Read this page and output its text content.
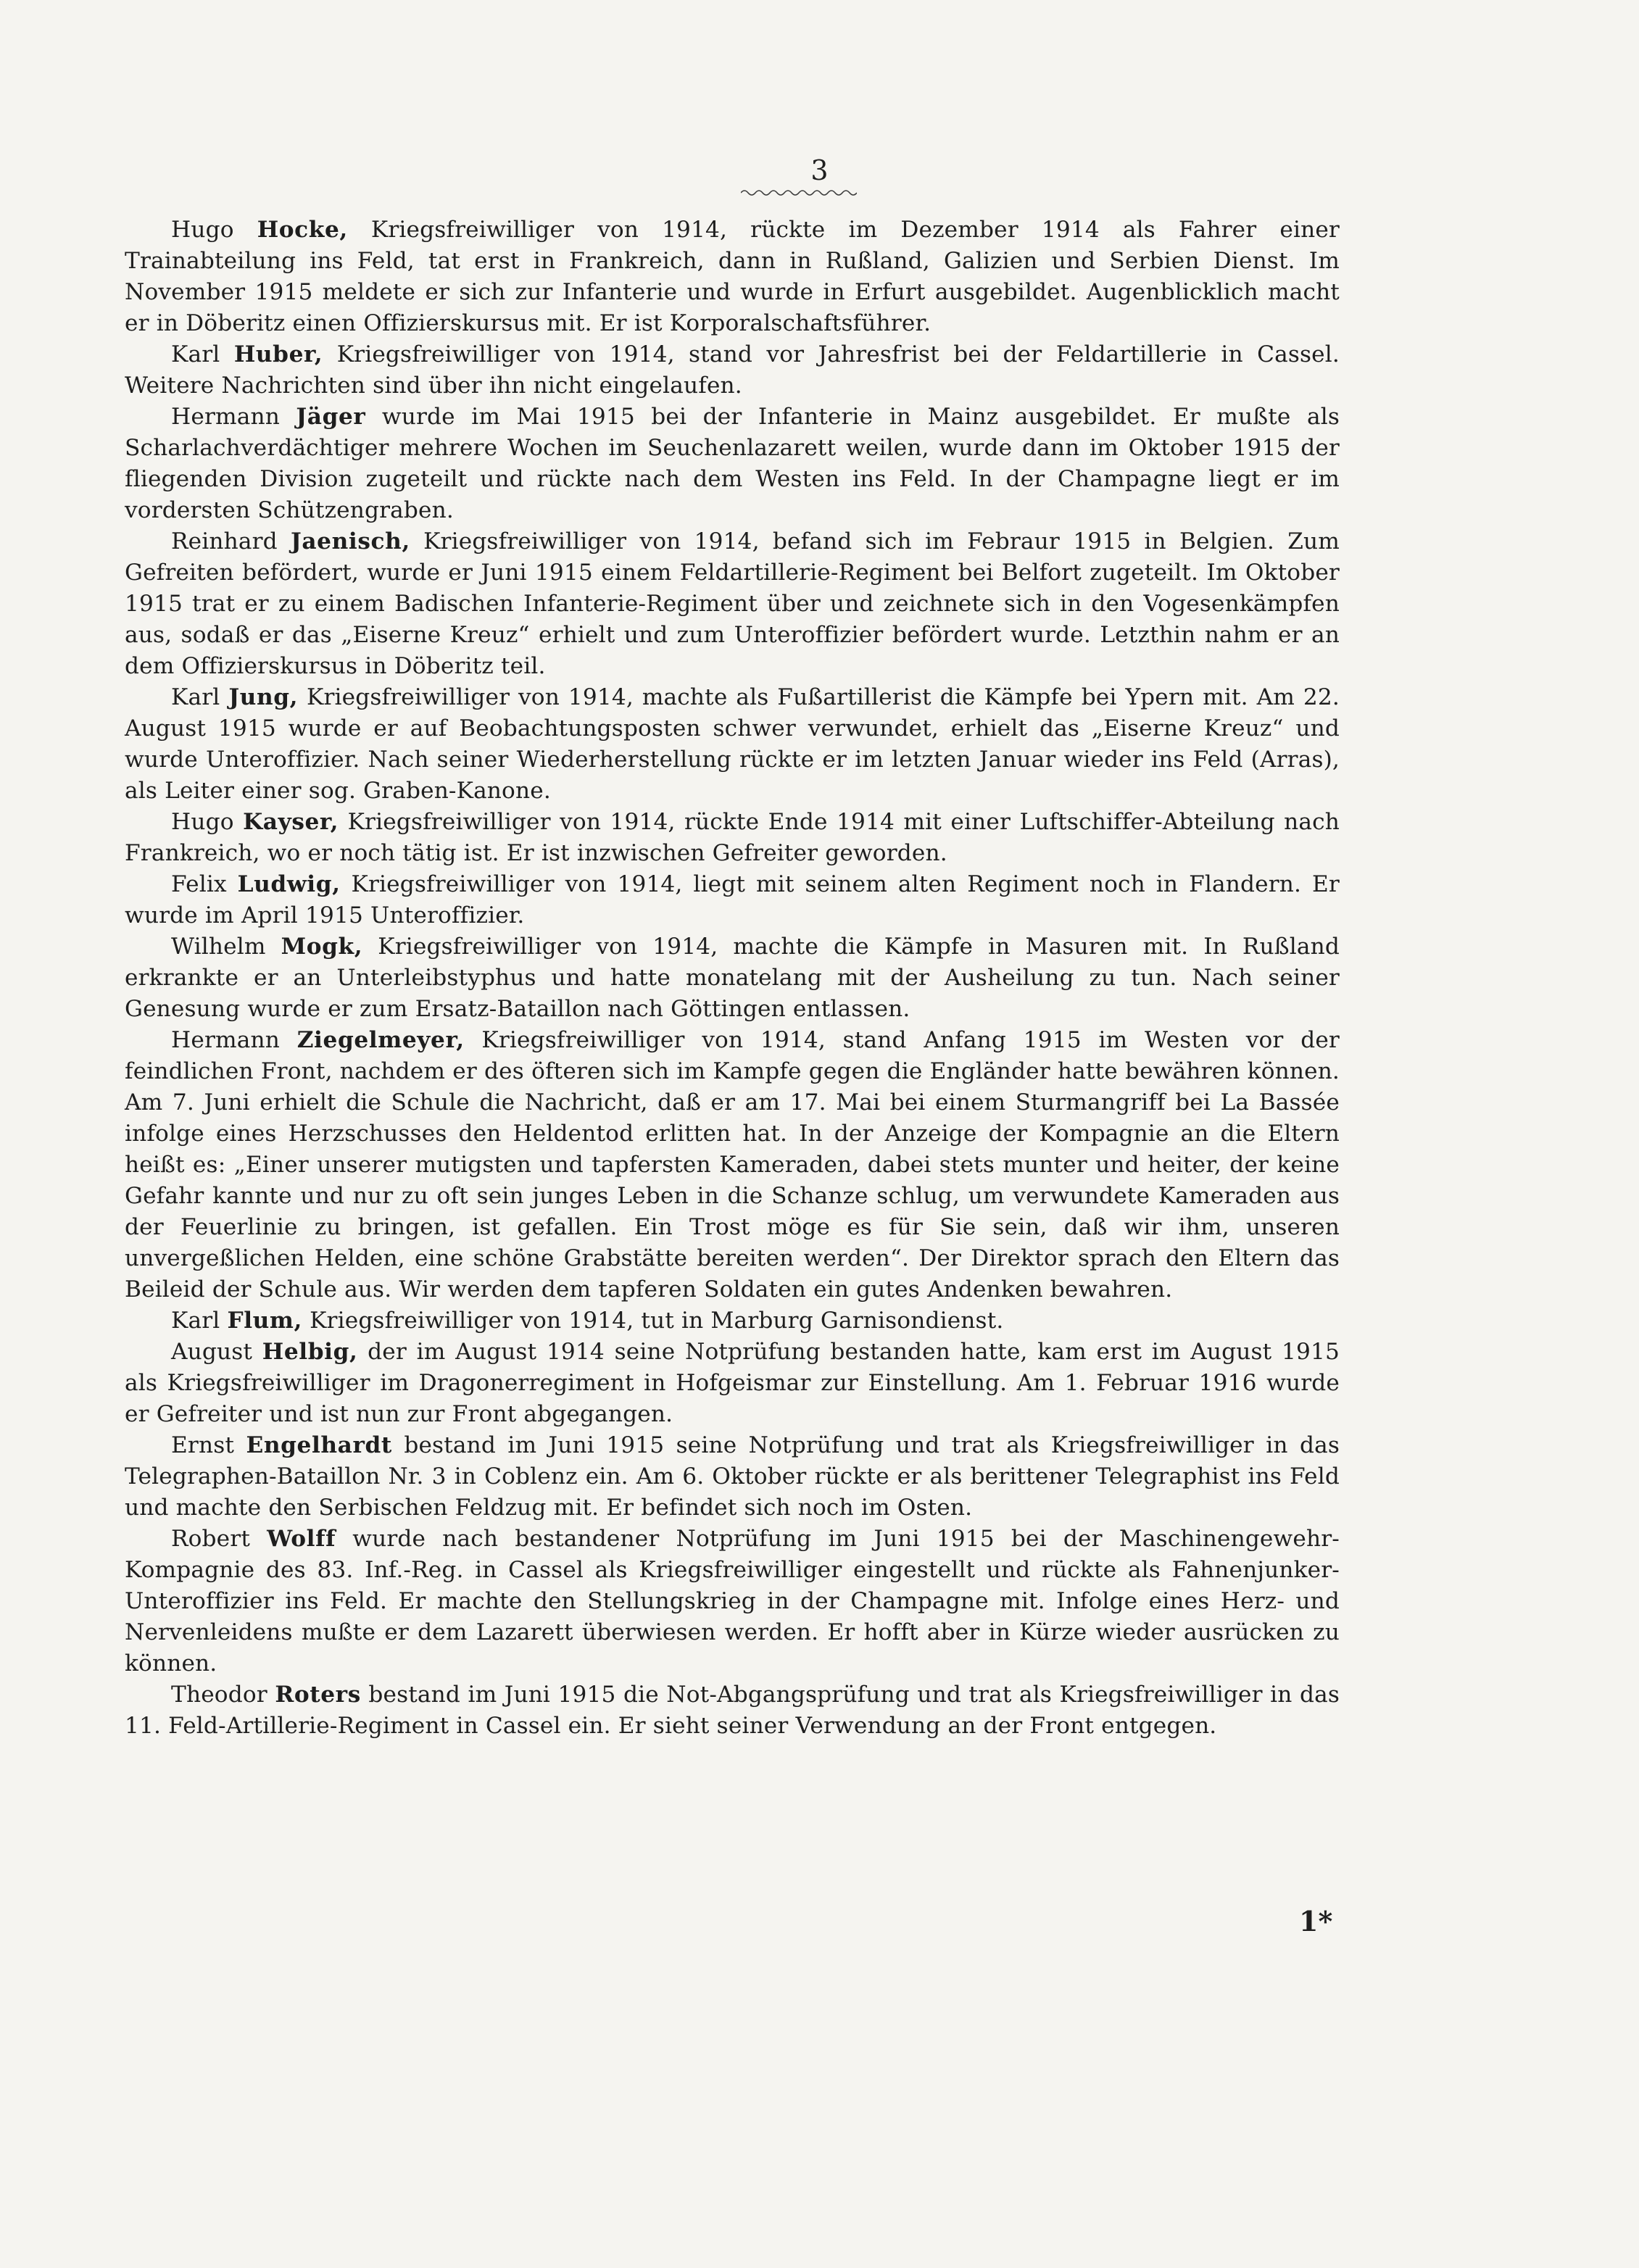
3

Hugo Hocke, Kriegsfreiwilliger von 1914, rückte im Dezember 1914 als Fahrer einer Trainabteilung ins Feld, tat erst in Frankreich, dann in Rußland, Galizien und Serbien Dienst. Im November 1915 meldete er sich zur Infanterie und wurde in Erfurt ausgebildet. Augenblicklich macht er in Döberitz einen Offizierskursus mit. Er ist Korporalschaftsführer.

Karl Huber, Kriegsfreiwilliger von 1914, stand vor Jahresfrist bei der Feldartillerie in Cassel. Weitere Nachrichten sind über ihn nicht eingelaufen.

Hermann Jäger wurde im Mai 1915 bei der Infanterie in Mainz ausgebildet. Er mußte als Scharlachverdächtiger mehrere Wochen im Seuchenlazarett weilen, wurde dann im Oktober 1915 der fliegenden Division zugeteilt und rückte nach dem Westen ins Feld. In der Champagne liegt er im vordersten Schützengraben.

Reinhard Jaenisch, Kriegsfreiwilliger von 1914, befand sich im Febraur 1915 in Belgien. Zum Gefreiten befördert, wurde er Juni 1915 einem Feldartillerie-Regiment bei Belfort zugeteilt. Im Oktober 1915 trat er zu einem Badischen Infanterie-Regiment über und zeichnete sich in den Vogesenkämpfen aus, sodaß er das „Eiserne Kreuz“ erhielt und zum Unteroffizier befördert wurde. Letzthin nahm er an dem Offizierskursus in Döberitz teil.

Karl Jung, Kriegsfreiwilliger von 1914, machte als Fußartillerist die Kämpfe bei Ypern mit. Am 22. August 1915 wurde er auf Beobachtungsposten schwer verwundet, erhielt das „Eiserne Kreuz“ und wurde Unteroffizier. Nach seiner Wiederherstellung rückte er im letzten Januar wieder ins Feld (Arras), als Leiter einer sog. Graben-Kanone.

Hugo Kayser, Kriegsfreiwilliger von 1914, rückte Ende 1914 mit einer Luftschiffer-Abteilung nach Frankreich, wo er noch tätig ist. Er ist inzwischen Gefreiter geworden.

Felix Ludwig, Kriegsfreiwilliger von 1914, liegt mit seinem alten Regiment noch in Flandern. Er wurde im April 1915 Unteroffizier.

Wilhelm Mogk, Kriegsfreiwilliger von 1914, machte die Kämpfe in Masuren mit. In Rußland erkrankte er an Unterleibstyphus und hatte monatelang mit der Ausheilung zu tun. Nach seiner Genesung wurde er zum Ersatz-Bataillon nach Göttingen entlassen.

Hermann Ziegelmeyer, Kriegsfreiwilliger von 1914, stand Anfang 1915 im Westen vor der feindlichen Front, nachdem er des öfteren sich im Kampfe gegen die Engländer hatte bewähren können. Am 7. Juni erhielt die Schule die Nachricht, daß er am 17. Mai bei einem Sturmangriff bei La Bassée infolge eines Herzschusses den Heldentod erlitten hat. In der Anzeige der Kompagnie an die Eltern heißt es: „Einer unserer mutigsten und tapfersten Kameraden, dabei stets munter und heiter, der keine Gefahr kannte und nur zu oft sein junges Leben in die Schanze schlug, um verwundete Kameraden aus der Feuerlinie zu bringen, ist gefallen. Ein Trost möge es für Sie sein, daß wir ihm, unseren unvergeßlichen Helden, eine schöne Grabstätte bereiten werden“. Der Direktor sprach den Eltern das Beileid der Schule aus. Wir werden dem tapferen Soldaten ein gutes Andenken bewahren.

Karl Flum, Kriegsfreiwilliger von 1914, tut in Marburg Garnisondienst.

August Helbig, der im August 1914 seine Notprüfung bestanden hatte, kam erst im August 1915 als Kriegsfreiwilliger im Dragonerregiment in Hofgeismar zur Einstellung. Am 1. Februar 1916 wurde er Gefreiter und ist nun zur Front abgegangen.

Ernst Engelhardt bestand im Juni 1915 seine Notprüfung und trat als Kriegsfreiwilliger in das Telegraphen-Bataillon Nr. 3 in Coblenz ein. Am 6. Oktober rückte er als berittener Telegraphist ins Feld und machte den Serbischen Feldzug mit. Er befindet sich noch im Osten.

Robert Wolff wurde nach bestandener Notprüfung im Juni 1915 bei der Maschinengewehr-Kompagnie des 83. Inf.-Reg. in Cassel als Kriegsfreiwilliger eingestellt und rückte als Fahnenjunker-Unteroffizier ins Feld. Er machte den Stellungskrieg in der Champagne mit. Infolge eines Herz- und Nervenleidens mußte er dem Lazarett überwiesen werden. Er hofft aber in Kürze wieder ausrücken zu können.

Theodor Roters bestand im Juni 1915 die Not-Abgangsprüfung und trat als Kriegsfreiwilliger in das 11. Feld-Artillerie-Regiment in Cassel ein. Er sieht seiner Verwendung an der Front entgegen.

1*
